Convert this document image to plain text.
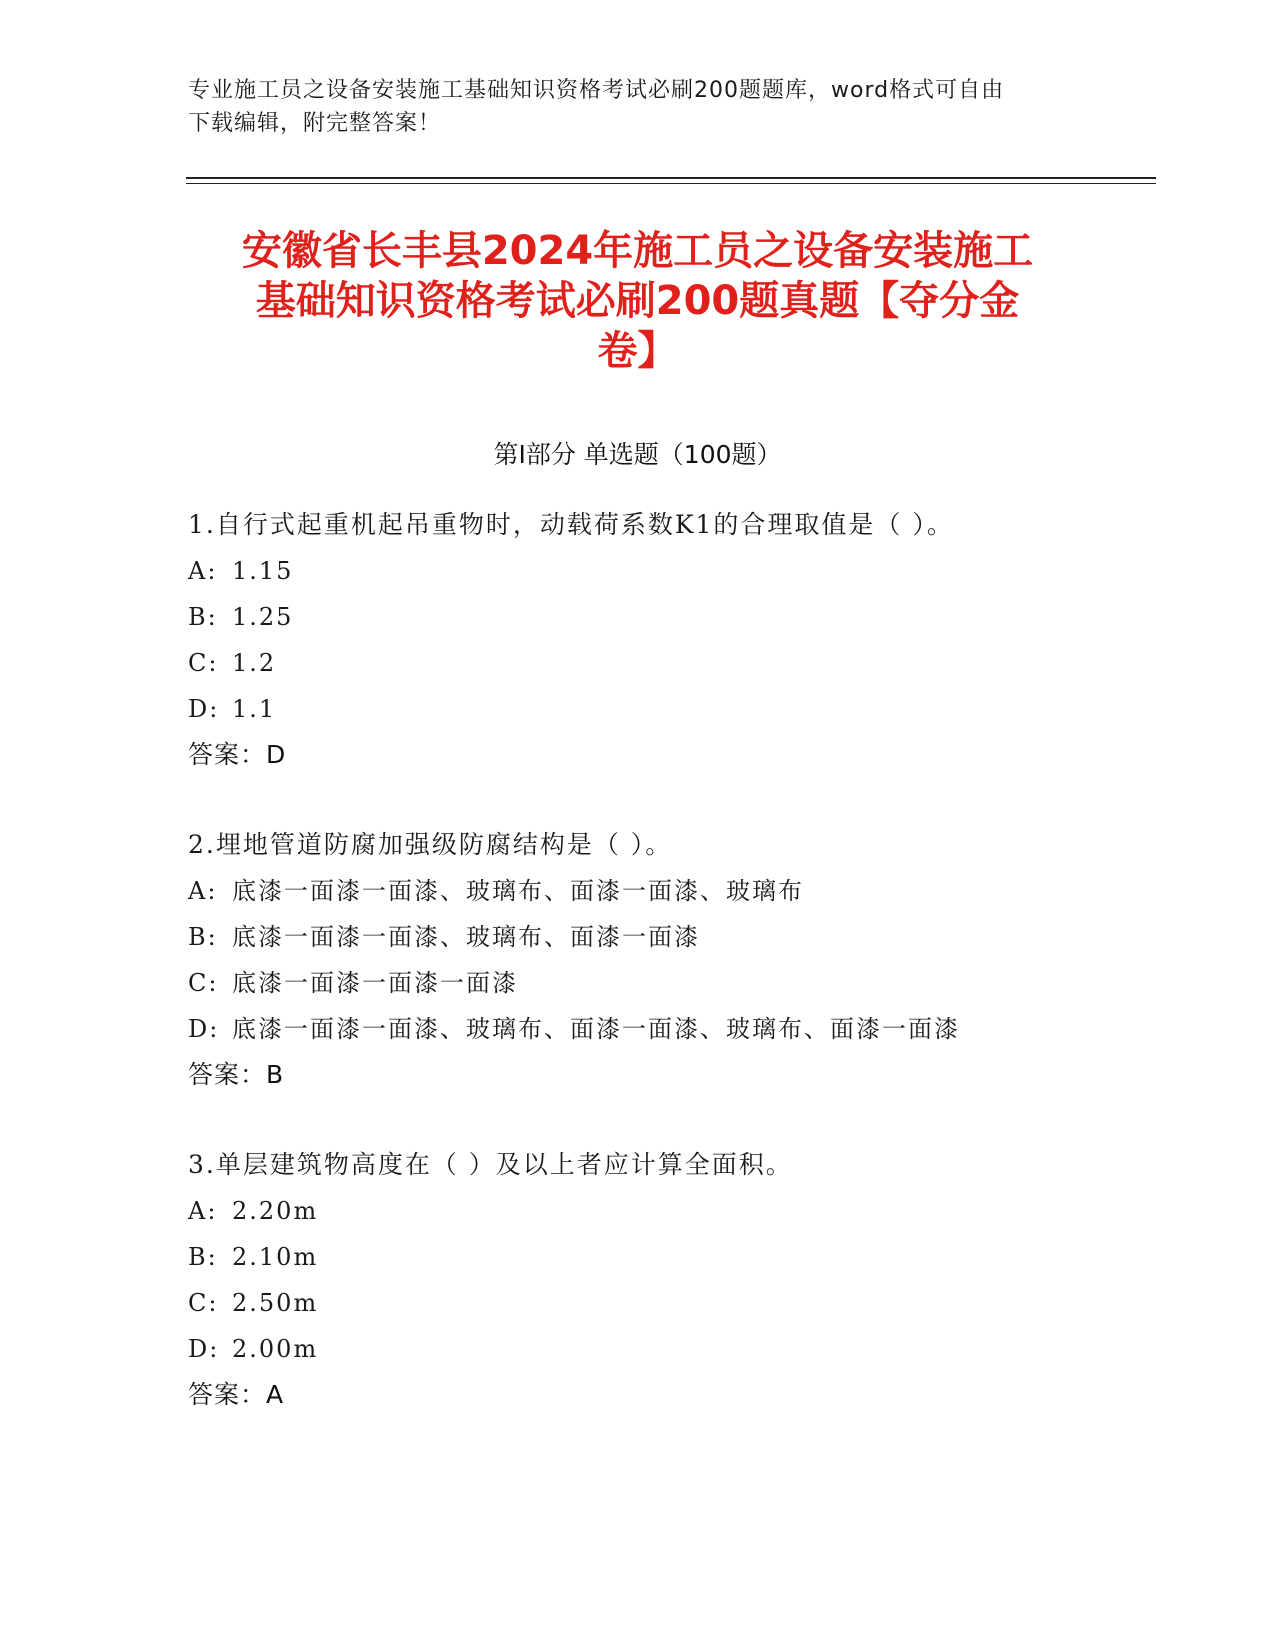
专业施工员之设备安装施工基础知识资格考试必刷200题题库，word格式可自由
下载编辑，附完整答案！
安徽省长丰县2024年施工员之设备安装施工
基础知识资格考试必刷200题真题【夺分金
卷】
第Ⅰ部分 单选题（100题）
1.自行式起重机起吊重物时，动载荷系数K1的合理取值是（ ）。
A: 1.15
B: 1.25
C: 1.2
D: 1.1
答案：D
2.埋地管道防腐加强级防腐结构是（ ）。
A: 底漆一面漆一面漆、玻璃布、面漆一面漆、玻璃布
B: 底漆一面漆一面漆、玻璃布、面漆一面漆
C: 底漆一面漆一面漆一面漆
D: 底漆一面漆一面漆、玻璃布、面漆一面漆、玻璃布、面漆一面漆
答案：B
3.单层建筑物高度在（ ）及以上者应计算全面积。
A: 2.20m
B: 2.10m
C: 2.50m
D: 2.00m
答案：A
